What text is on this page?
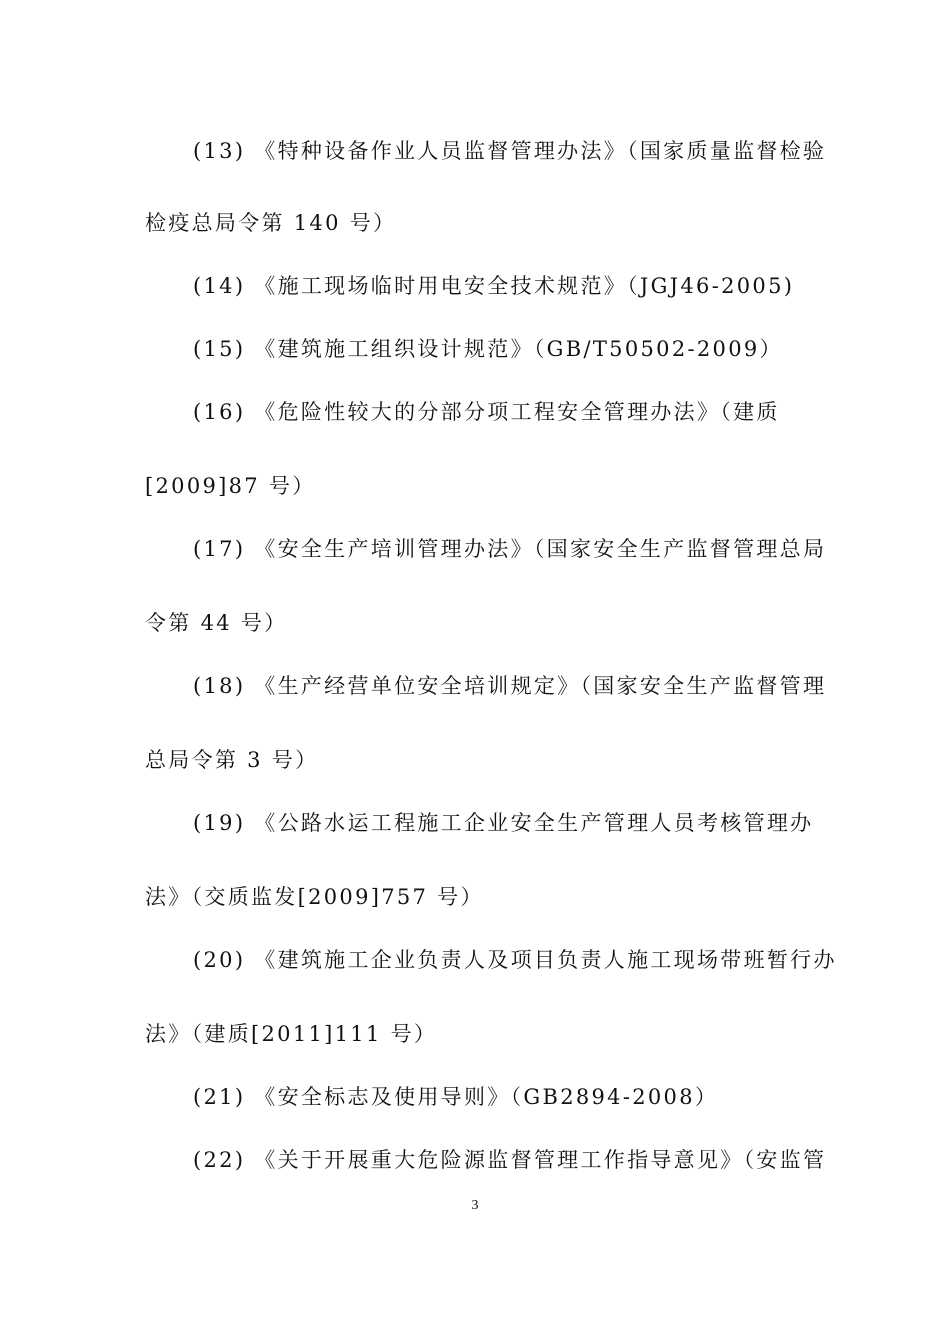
(13) 《特种设备作业人员监督管理办法》（国家质量监督检验
检疫总局令第 140 号）
(14) 《施工现场临时用电安全技术规范》（JGJ46-2005)
(15) 《建筑施工组织设计规范》（GB/T50502-2009）
(16) 《危险性较大的分部分项工程安全管理办法》（建质
[2009]87 号）
(17) 《安全生产培训管理办法》（国家安全生产监督管理总局
令第 44 号）
(18) 《生产经营单位安全培训规定》（国家安全生产监督管理
总局令第 3 号）
(19) 《公路水运工程施工企业安全生产管理人员考核管理办
法》（交质监发[2009]757 号）
(20) 《建筑施工企业负责人及项目负责人施工现场带班暂行办
法》（建质[2011]111 号）
(21) 《安全标志及使用导则》（GB2894-2008）
(22) 《关于开展重大危险源监督管理工作指导意见》（安监管
3
